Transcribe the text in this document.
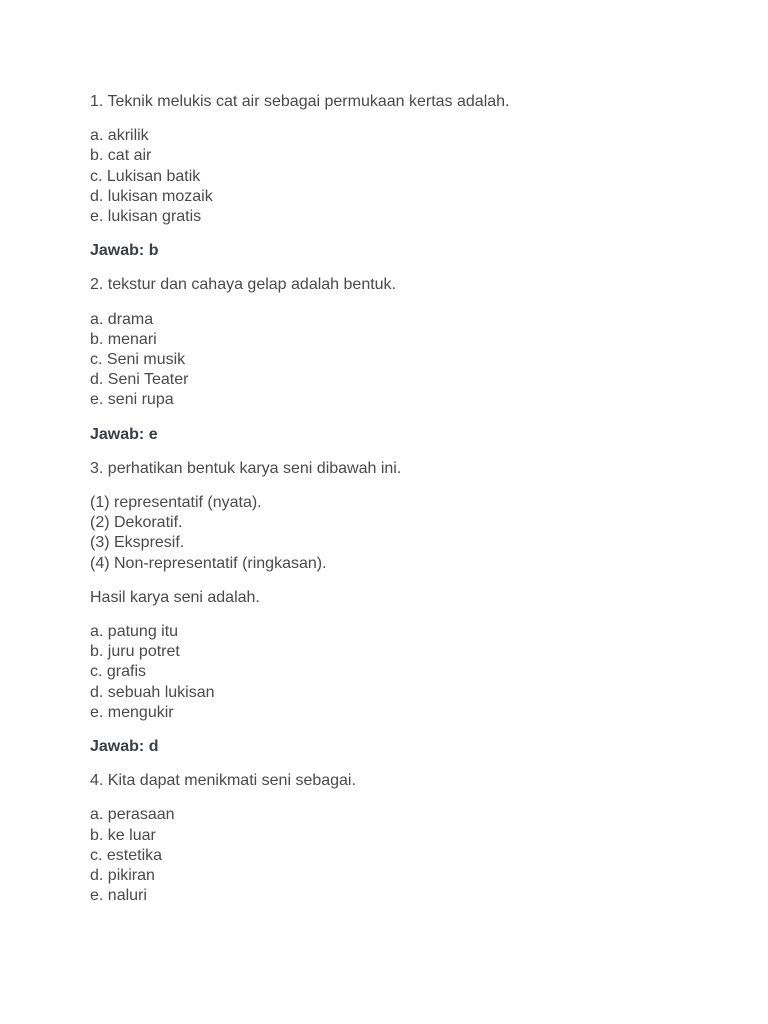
1. Teknik melukis cat air sebagai permukaan kertas adalah.

a. akrilik
b. cat air
c. Lukisan batik
d. lukisan mozaik
e. lukisan gratis

Jawab: b

2. tekstur dan cahaya gelap adalah bentuk.

a. drama
b. menari
c. Seni musik
d. Seni Teater
e. seni rupa

Jawab: e

3. perhatikan bentuk karya seni dibawah ini.

(1) representatif (nyata).
(2) Dekoratif.
(3) Ekspresif.
(4) Non-representatif (ringkasan).

Hasil karya seni adalah.

a. patung itu
b. juru potret
c. grafis
d. sebuah lukisan
e. mengukir

Jawab: d

4. Kita dapat menikmati seni sebagai.

a. perasaan
b. ke luar
c. estetika
d. pikiran
e. naluri
